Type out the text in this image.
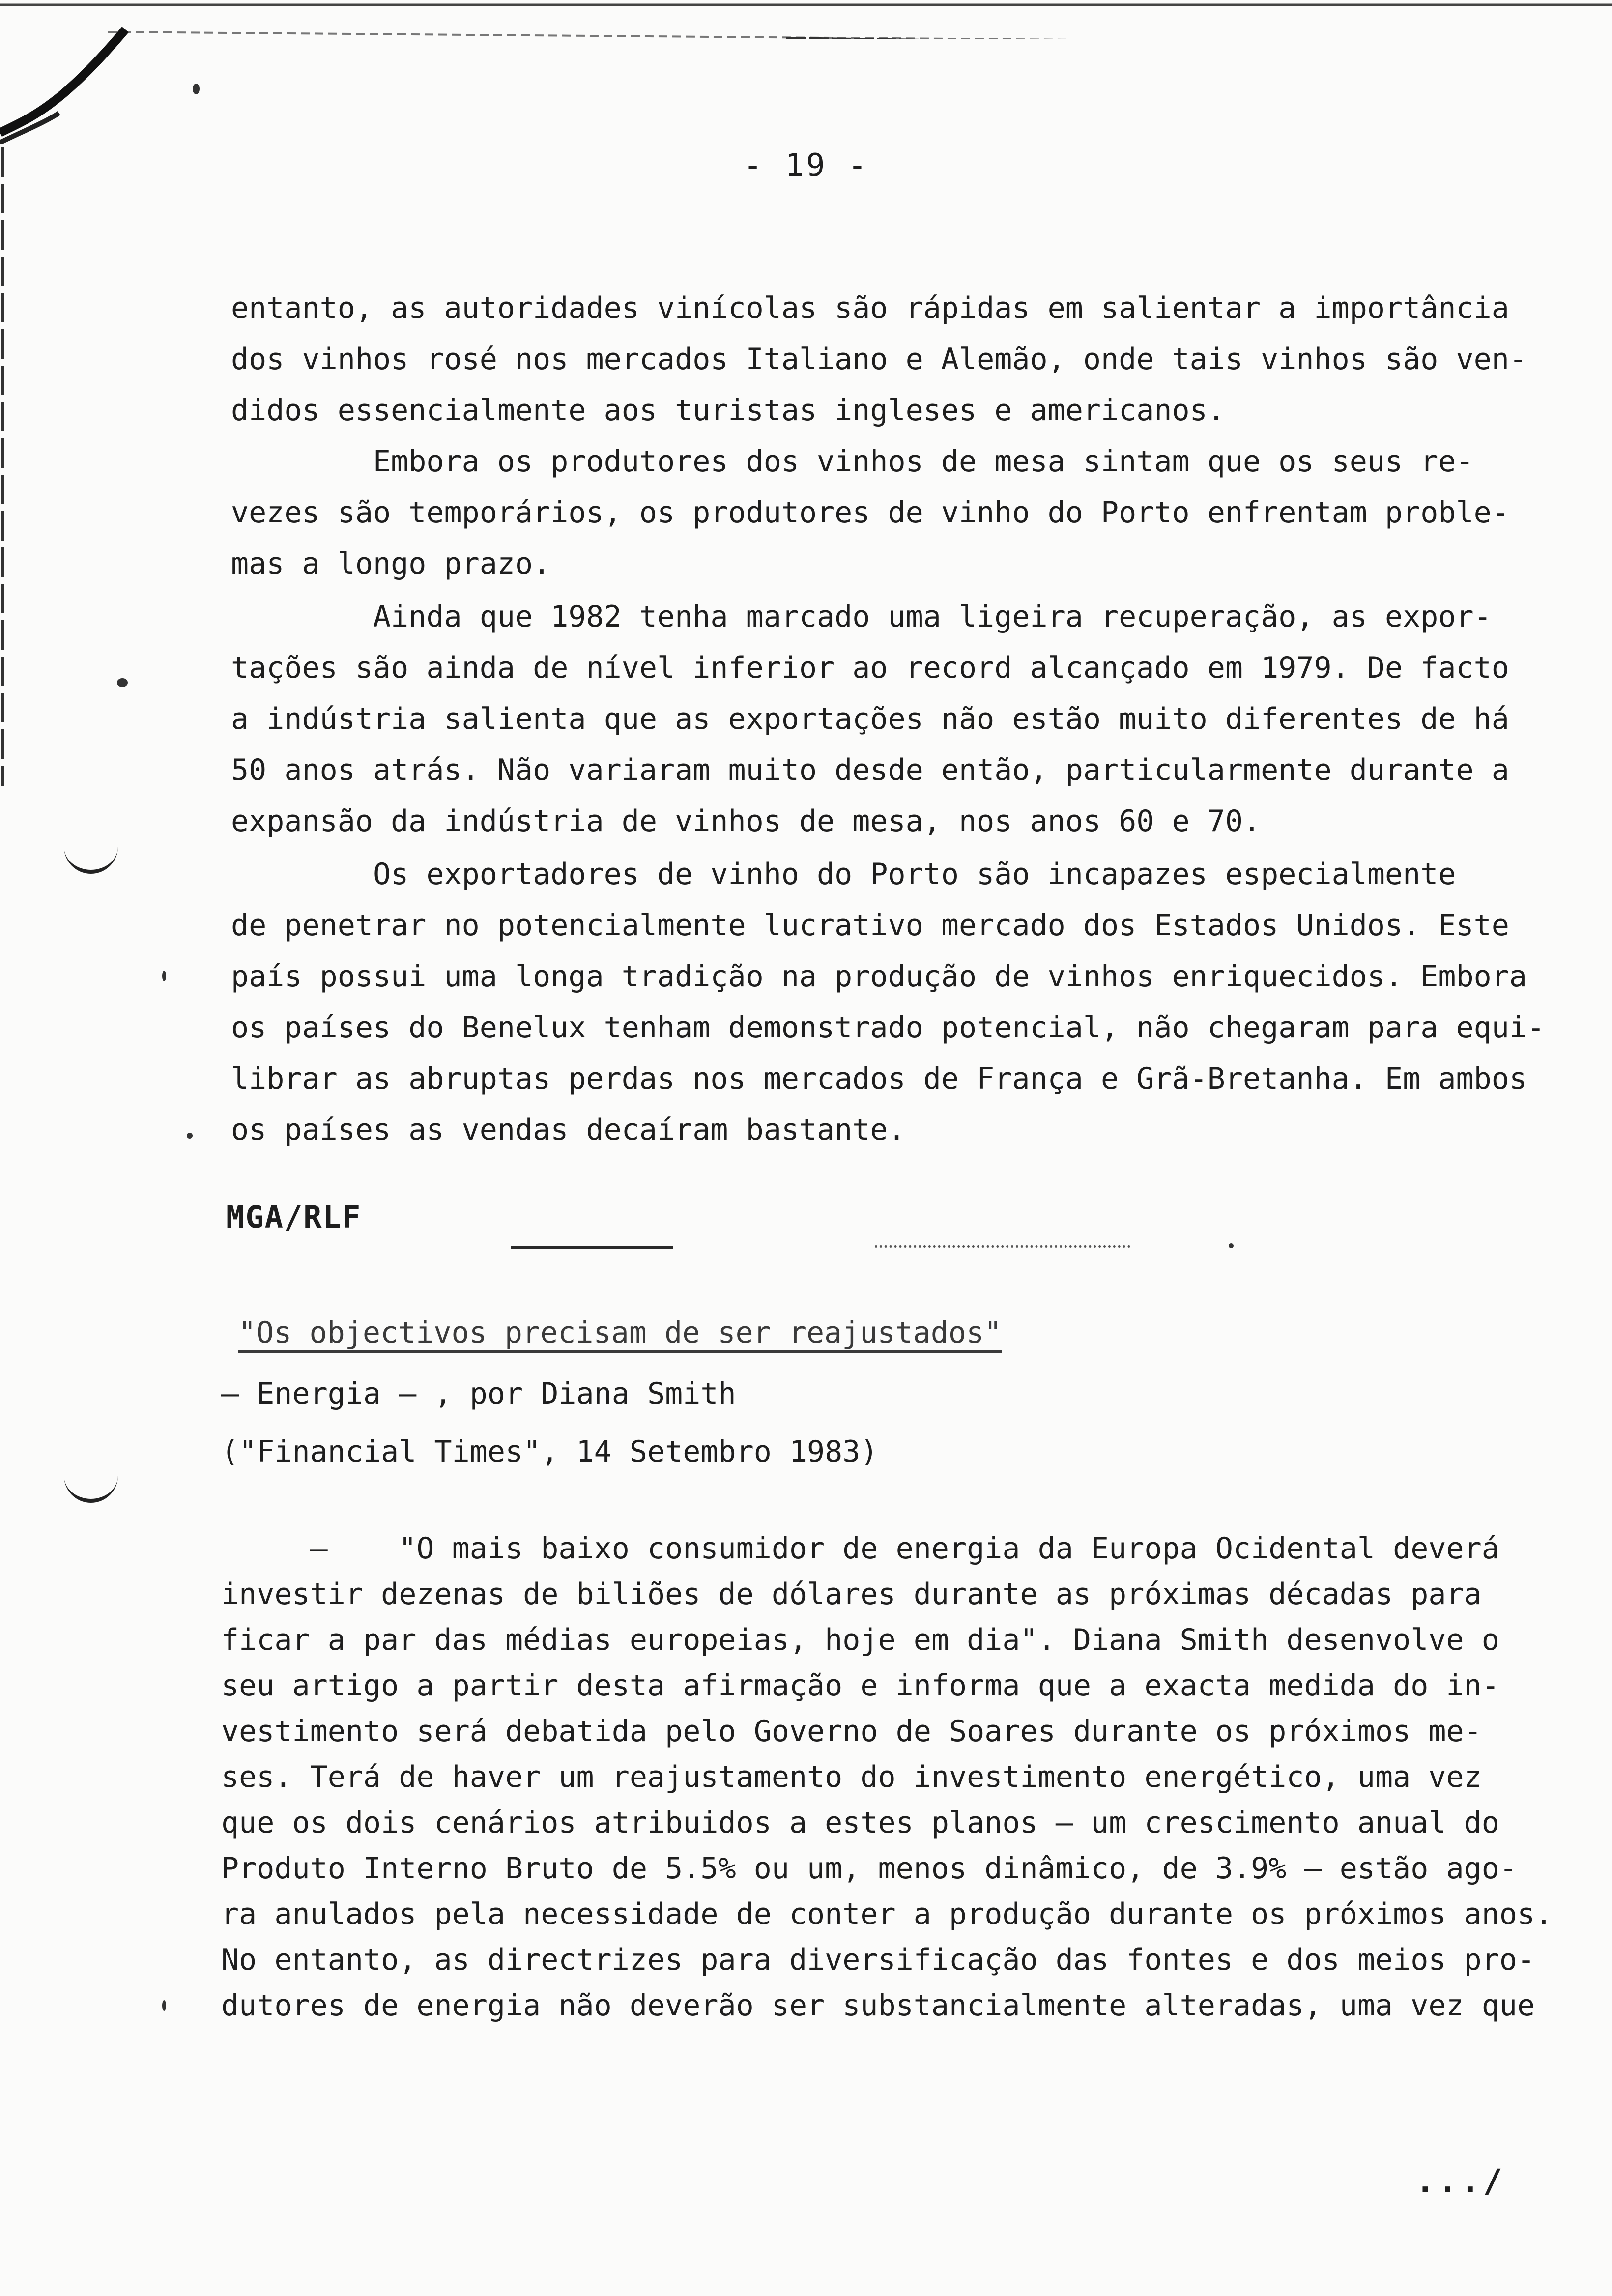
- 19 -
entanto, as autoridades vinícolas são rápidas em salientar a importância
dos vinhos rosé nos mercados Italiano e Alemão, onde tais vinhos são ven-
didos essencialmente aos turistas ingleses e americanos.
Embora os produtores dos vinhos de mesa sintam que os seus re-
vezes são temporários, os produtores de vinho do Porto enfrentam proble-
mas a longo prazo.
Ainda que 1982 tenha marcado uma ligeira recuperação, as expor-
tações são ainda de nível inferior ao record alcançado em 1979. De facto
a indústria salienta que as exportações não estão muito diferentes de há
50 anos atrás. Não variaram muito desde então, particularmente durante a
expansão da indústria de vinhos de mesa, nos anos 60 e 70.
Os exportadores de vinho do Porto são incapazes especialmente
de penetrar no potencialmente lucrativo mercado dos Estados Unidos. Este
país possui uma longa tradição na produção de vinhos enriquecidos. Embora
os países do Benelux tenham demonstrado potencial, não chegaram para equi-
librar as abruptas perdas nos mercados de França e Grã-Bretanha. Em ambos
os países as vendas decaíram bastante.
MGA/RLF
"Os objectivos precisam de ser reajustados"
– Energia – , por Diana Smith
("Financial Times", 14 Setembro 1983)
–    "O mais baixo consumidor de energia da Europa Ocidental deverá
investir dezenas de biliões de dólares durante as próximas décadas para
ficar a par das médias europeias, hoje em dia". Diana Smith desenvolve o
seu artigo a partir desta afirmação e informa que a exacta medida do in-
vestimento será debatida pelo Governo de Soares durante os próximos me-
ses. Terá de haver um reajustamento do investimento energético, uma vez
que os dois cenários atribuidos a estes planos – um crescimento anual do
Produto Interno Bruto de 5.5% ou um, menos dinâmico, de 3.9% – estão ago-
ra anulados pela necessidade de conter a produção durante os próximos anos.
No entanto, as directrizes para diversificação das fontes e dos meios pro-
dutores de energia não deverão ser substancialmente alteradas, uma vez que
.../
